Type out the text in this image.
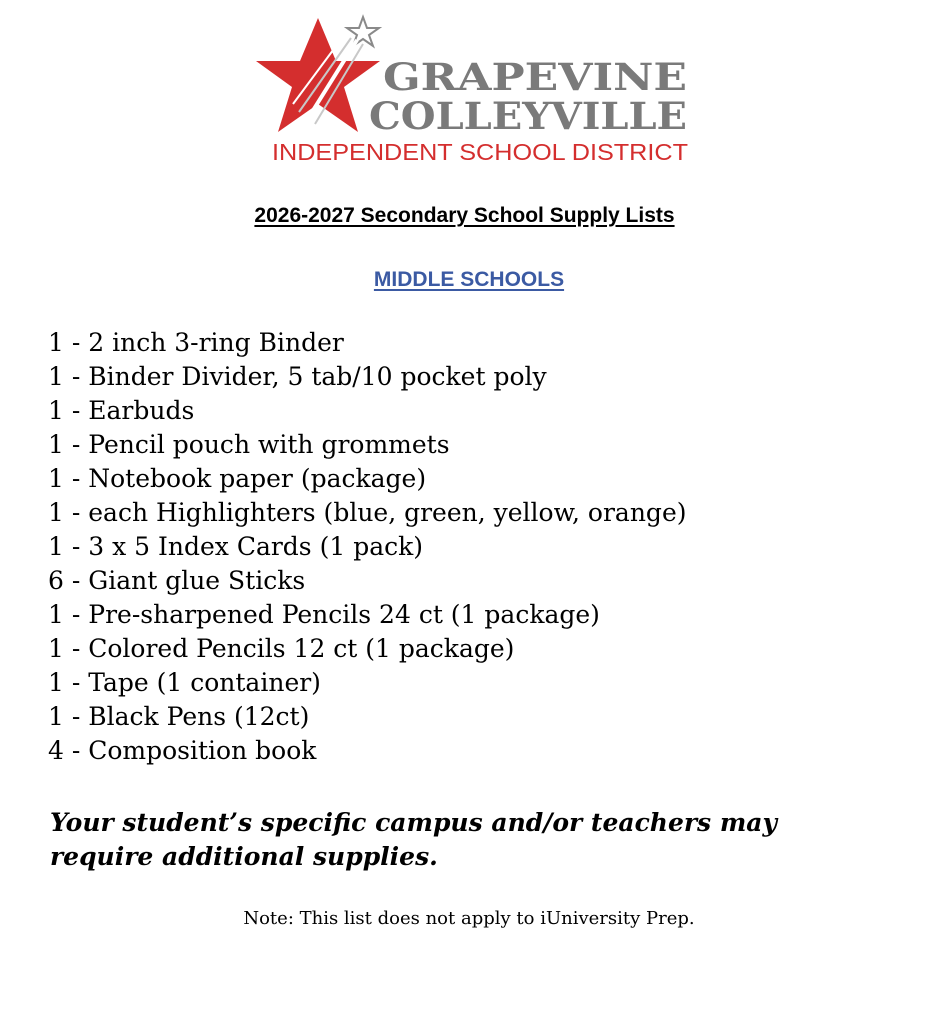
GRAPEVINE
COLLEYVILLE
INDEPENDENT SCHOOL DISTRICT
2026-2027 Secondary School Supply Lists
MIDDLE SCHOOLS
1 - 2 inch 3-ring Binder
1 - Binder Divider, 5 tab/10 pocket poly
1 - Earbuds
1 - Pencil pouch with grommets
1 - Notebook paper (package)
1 - each Highlighters (blue, green, yellow, orange)
1 - 3 x 5 Index Cards (1 pack)
6 - Giant glue Sticks
1 - Pre-sharpened Pencils 24 ct (1 package)
1 - Colored Pencils 12 ct (1 package)
1 - Tape (1 container)
1 - Black Pens (12ct)
4 - Composition book
Your student’s specific campus and/or teachers may require additional supplies.
Note: This list does not apply to iUniversity Prep.
